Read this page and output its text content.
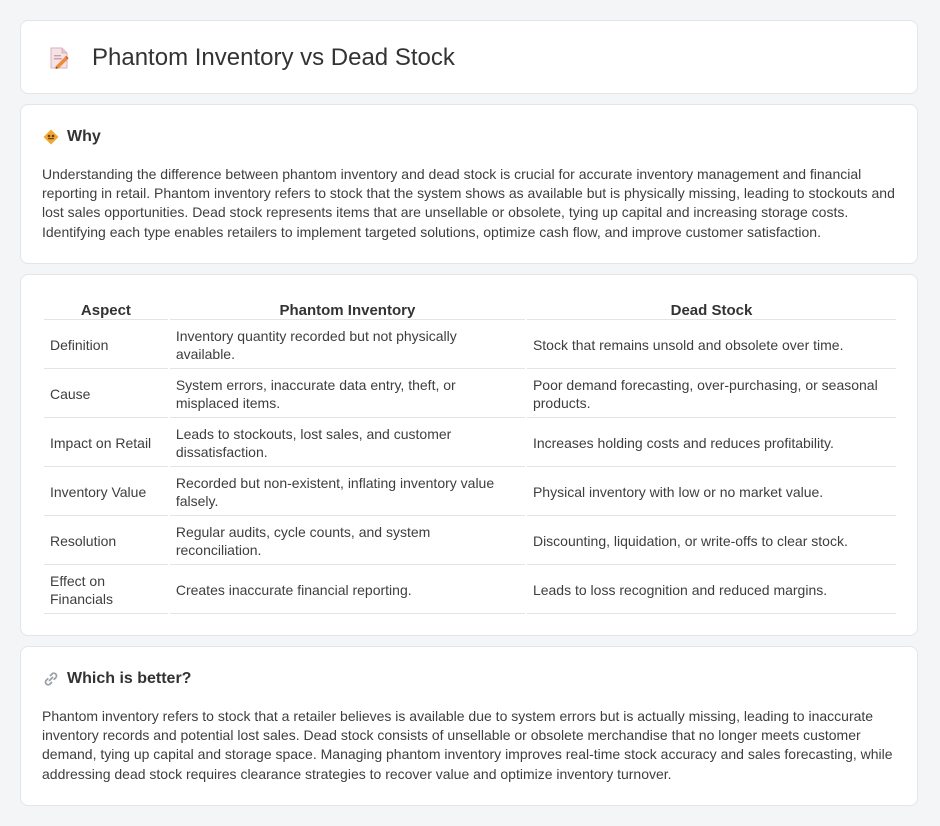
Phantom Inventory vs Dead Stock
Why

Understanding the difference between phantom inventory and dead stock is crucial for accurate inventory management and financial reporting in retail. Phantom inventory refers to stock that the system shows as available but is physically missing, leading to stockouts and lost sales opportunities. Dead stock represents items that are unsellable or obsolete, tying up capital and increasing storage costs. Identifying each type enables retailers to implement targeted solutions, optimize cash flow, and improve customer satisfaction.

Aspect	Phantom Inventory	Dead Stock
Definition	Inventory quantity recorded but not physically available.	Stock that remains unsold and obsolete over time.
Cause	System errors, inaccurate data entry, theft, or misplaced items.	Poor demand forecasting, over-purchasing, or seasonal products.
Impact on Retail	Leads to stockouts, lost sales, and customer dissatisfaction.	Increases holding costs and reduces profitability.
Inventory Value	Recorded but non-existent, inflating inventory value falsely.	Physical inventory with low or no market value.
Resolution	Regular audits, cycle counts, and system reconciliation.	Discounting, liquidation, or write-offs to clear stock.
Effect on Financials	Creates inaccurate financial reporting.	Leads to loss recognition and reduced margins.
Which is better?

Phantom inventory refers to stock that a retailer believes is available due to system errors but is actually missing, leading to inaccurate inventory records and potential lost sales. Dead stock consists of unsellable or obsolete merchandise that no longer meets customer demand, tying up capital and storage space. Managing phantom inventory improves real-time stock accuracy and sales forecasting, while addressing dead stock requires clearance strategies to recover value and optimize inventory turnover.
